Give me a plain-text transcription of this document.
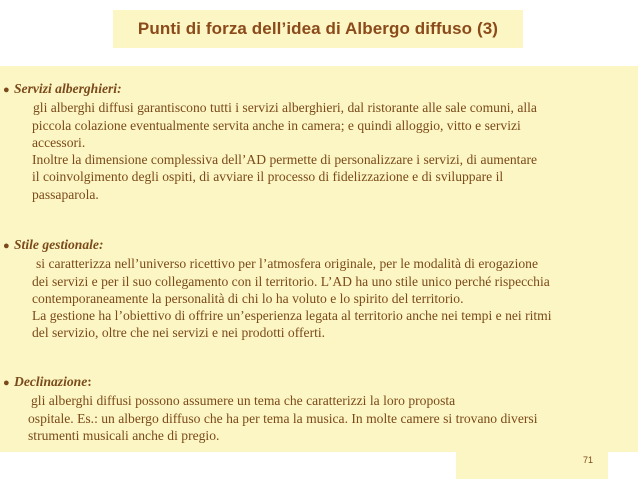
Punti di forza dell’idea di Albergo diffuso (3)
● Servizi alberghieri:
gli alberghi diffusi garantiscono tutti i servizi alberghieri, dal ristorante alle sale comuni, alla
piccola colazione eventualmente servita anche in camera; e quindi alloggio, vitto e servizi
accessori.
Inoltre la dimensione complessiva dell’AD permette di personalizzare i servizi, di aumentare
il coinvolgimento degli ospiti, di avviare il processo di fidelizzazione e di sviluppare il
passaparola.
● Stile gestionale:
si caratterizza nell’universo ricettivo per l’atmosfera originale, per le modalità di erogazione
dei servizi e per il suo collegamento con il territorio. L’AD ha uno stile unico perché rispecchia
contemporaneamente la personalità di chi lo ha voluto e lo spirito del territorio.
La gestione ha l’obiettivo di offrire un’esperienza legata al territorio anche nei tempi e nei ritmi
del servizio, oltre che nei servizi e nei prodotti offerti.
● Declinazione :
gli alberghi diffusi possono assumere un tema che caratterizzi la loro proposta
ospitale. Es.: un albergo diffuso che ha per tema la musica. In molte camere si trovano diversi
strumenti musicali anche di pregio.
71
